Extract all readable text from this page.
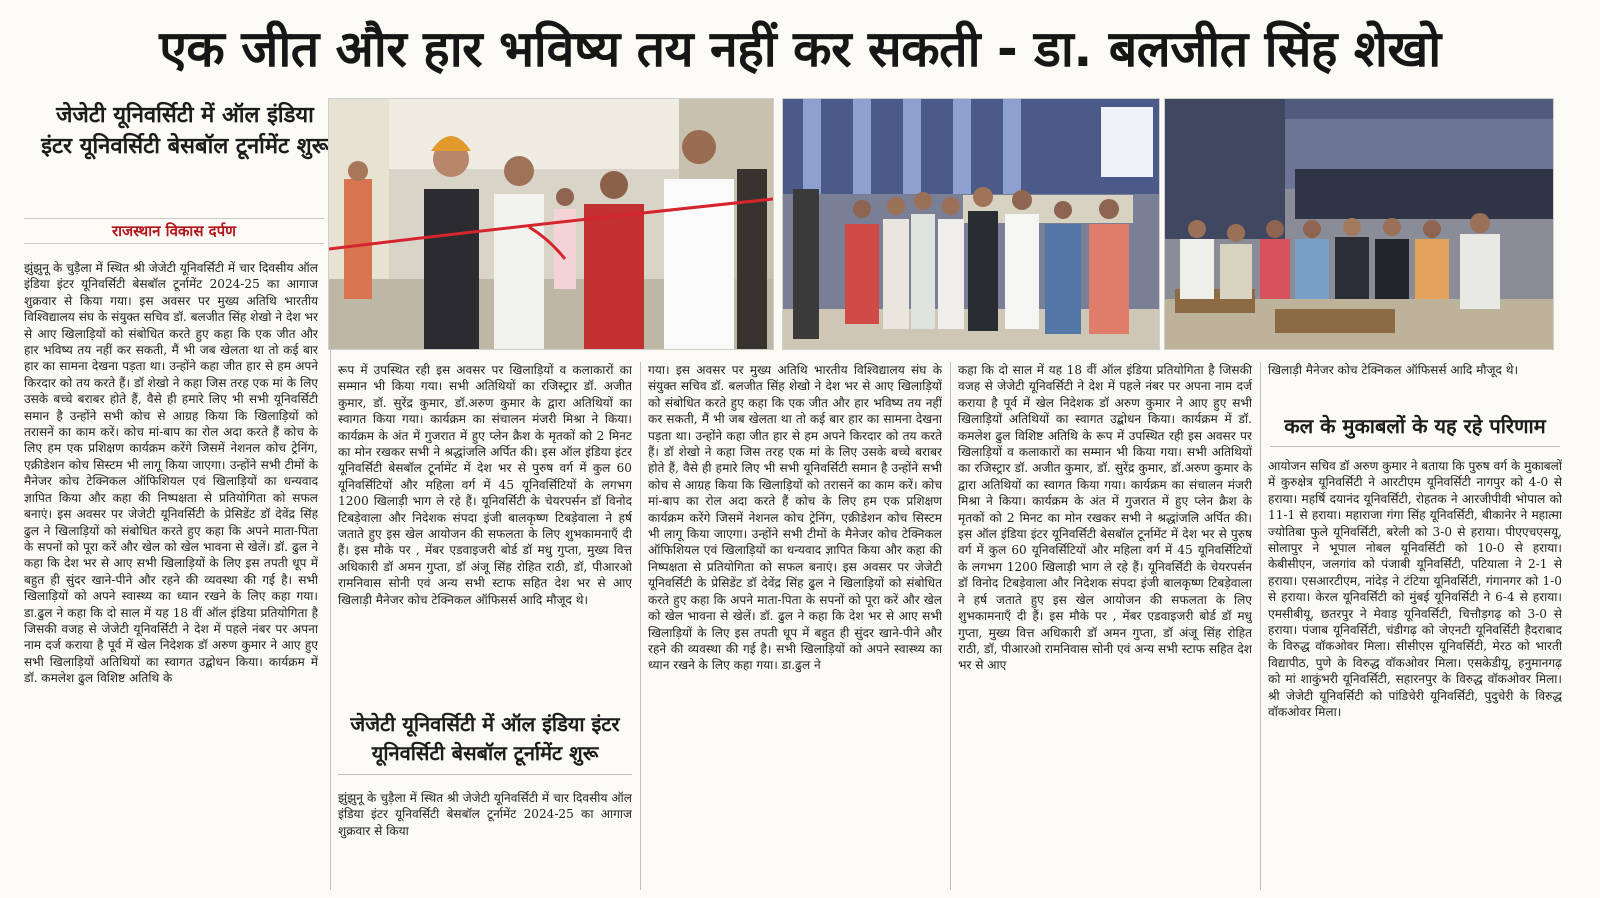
एक जीत और हार भविष्य तय नहीं कर सकती - डा. बलजीत सिंह शेखो
जेजेटी यूनिवर्सिटी में ऑल इंडिया इंटर यूनिवर्सिटी बेसबॉल टूर्नामेंट शुरू
राजस्थान विकास दर्पण

झुंझुनू के चुड़ैला में स्थित श्री जेजेटी यूनिवर्सिटी में चार दिवसीय ऑल इंडिया इंटर यूनिवर्सिटी बेसबॉल टूर्नामेंट 2024-25 का आगाज शुक्रवार से किया गया। इस अवसर पर मुख्य अतिथि भारतीय विश्विद्यालय संघ के संयुक्त सचिव डॉ. बलजीत सिंह शेखो ने देश भर से आए खिलाड़ियों को संबोधित करते हुए कहा कि एक जीत और हार भविष्य तय नहीं कर सकती, मैं भी जब खेलता था तो कई बार हार का सामना देखना पड़ता था। उन्होंने कहा जीत हार से हम अपने किरदार को तय करते हैं। डॉ शेखो ने कहा जिस तरह एक मां के लिए उसके बच्चे बराबर होते हैं, वैसे ही हमारे लिए भी सभी यूनिवर्सिटी समान है उन्होंने सभी कोच से आग्रह किया कि खिलाड़ियों को तरासनें का काम करें। कोच मां-बाप का रोल अदा करते हैं कोच के लिए हम एक प्रशिक्षण कार्यक्रम करेंगे जिसमें नेशनल कोच ट्रेनिंग, एक्रीडेशन कोच सिस्टम भी लागू किया जाएगा। उन्होंने सभी टीमों के मैनेजर कोच टेक्निकल ऑफिशियल एवं खिलाड़ियों का धन्यवाद ज्ञापित किया और कहा की निष्पक्षता से प्रतियोगिता को सफल बनाएं। इस अवसर पर जेजेटी यूनिवर्सिटी के प्रेसिडेंट डॉ देवेंद्र सिंह ढुल ने खिलाड़ियों को संबोधित करते हुए कहा कि अपने माता-पिता के सपनों को पूरा करें और खेल को खेल भावना से खेलें। डॉ. ढुल ने कहा कि देश भर से आए सभी खिलाड़ियों के लिए इस तपती धूप में बहुत ही सुंदर खाने-पीने और रहने की व्यवस्था की गई है। सभी खिलाड़ियों को अपने स्वास्थ्य का ध्यान रखने के लिए कहा गया। डा.ढुल ने कहा कि दो साल में यह 18 वीं ऑल इंडिया प्रतियोगिता है जिसकी वजह से जेजेटी यूनिवर्सिटी ने देश में पहले नंबर पर अपना नाम दर्ज कराया है पूर्व में खेल निदेशक डॉ अरुण कुमार ने आए हुए सभी खिलाड़ियों अतिथियों का स्वागत उद्बोधन किया। कार्यक्रम में डॉ. कमलेश ढुल विशिष्ट अतिथि के

रूप में उपस्थित रही इस अवसर पर खिलाड़ियों व कलाकारों का सम्मान भी किया गया। सभी अतिथियों का रजिस्ट्रार डॉ. अजीत कुमार, डॉ. सुरेंद्र कुमार, डॉ.अरुण कुमार के द्वारा अतिथियों का स्वागत किया गया। कार्यक्रम का संचालन मंजरी मिश्रा ने किया। कार्यक्रम के अंत में गुजरात में हुए प्लेन क्रैश के मृतकों को 2 मिनट का मोन रखकर सभी ने श्रद्धांजलि अर्पित की। इस ऑल इंडिया इंटर यूनिवर्सिटी बेसबॉल टूर्नामेंट में देश भर से पुरुष वर्ग में कुल 60 यूनिवर्सिटियों और महिला वर्ग में 45 यूनिवर्सिटियों के लगभग 1200 खिलाड़ी भाग ले रहे हैं। यूनिवर्सिटी के चेयरपर्सन डॉ विनोद टिबड़ेवाला और निदेशक संपदा इंजी बालकृष्ण टिबड़ेवाला ने हर्ष जताते हुए इस खेल आयोजन की सफलता के लिए शुभकामनाएँ दी हैं। इस मौके पर , मेंबर एडवाइजरी बोर्ड डॉ मधु गुप्ता, मुख्य वित्त अधिकारी डॉ अमन गुप्ता, डॉ अंजू सिंह रोहित राठी, डॉ, पीआरओ रामनिवास सोनी एवं अन्य सभी स्टाफ सहित देश भर से आए खिलाड़ी मैनेजर कोच टेक्निकल ऑफिसर्स आदि मौजूद थे।

जेजेटी यूनिवर्सिटी में ऑल इंडिया इंटर यूनिवर्सिटी बेसबॉल टूर्नामेंट शुरू

झुंझुनू के चुड़ैला में स्थित श्री जेजेटी यूनिवर्सिटी में चार दिवसीय ऑल इंडिया इंटर यूनिवर्सिटी बेसबॉल टूर्नामेंट 2024-25 का आगाज शुक्रवार से किया

गया। इस अवसर पर मुख्य अतिथि भारतीय विश्विद्यालय संघ के संयुक्त सचिव डॉ. बलजीत सिंह शेखो ने देश भर से आए खिलाड़ियों को संबोधित करते हुए कहा कि एक जीत और हार भविष्य तय नहीं कर सकती, मैं भी जब खेलता था तो कई बार हार का सामना देखना पड़ता था। उन्होंने कहा जीत हार से हम अपने किरदार को तय करते हैं। डॉ शेखो ने कहा जिस तरह एक मां के लिए उसके बच्चे बराबर होते हैं, वैसे ही हमारे लिए भी सभी यूनिवर्सिटी समान है उन्होंने सभी कोच से आग्रह किया कि खिलाड़ियों को तरासनें का काम करें। कोच मां-बाप का रोल अदा करते हैं कोच के लिए हम एक प्रशिक्षण कार्यक्रम करेंगे जिसमें नेशनल कोच ट्रेनिंग, एक्रीडेशन कोच सिस्टम भी लागू किया जाएगा। उन्होंने सभी टीमों के मैनेजर कोच टेक्निकल ऑफिशियल एवं खिलाड़ियों का धन्यवाद ज्ञापित किया और कहा की निष्पक्षता से प्रतियोगिता को सफल बनाएं। इस अवसर पर जेजेटी यूनिवर्सिटी के प्रेसिडेंट डॉ देवेंद्र सिंह ढुल ने खिलाड़ियों को संबोधित करते हुए कहा कि अपने माता-पिता के सपनों को पूरा करें और खेल को खेल भावना से खेलें। डॉ. ढुल ने कहा कि देश भर से आए सभी खिलाड़ियों के लिए इस तपती धूप में बहुत ही सुंदर खाने-पीने और रहने की व्यवस्था की गई है। सभी खिलाड़ियों को अपने स्वास्थ्य का ध्यान रखने के लिए कहा गया। डा.ढुल ने

कहा कि दो साल में यह 18 वीं ऑल इंडिया प्रतियोगिता है जिसकी वजह से जेजेटी यूनिवर्सिटी ने देश में पहले नंबर पर अपना नाम दर्ज कराया है पूर्व में खेल निदेशक डॉ अरुण कुमार ने आए हुए सभी खिलाड़ियों अतिथियों का स्वागत उद्बोधन किया। कार्यक्रम में डॉ. कमलेश ढुल विशिष्ट अतिथि के रूप में उपस्थित रही इस अवसर पर खिलाड़ियों व कलाकारों का सम्मान भी किया गया। सभी अतिथियों का रजिस्ट्रार डॉ. अजीत कुमार, डॉ. सुरेंद्र कुमार, डॉ.अरुण कुमार के द्वारा अतिथियों का स्वागत किया गया। कार्यक्रम का संचालन मंजरी मिश्रा ने किया। कार्यक्रम के अंत में गुजरात में हुए प्लेन क्रैश के मृतकों को 2 मिनट का मोन रखकर सभी ने श्रद्धांजलि अर्पित की। इस ऑल इंडिया इंटर यूनिवर्सिटी बेसबॉल टूर्नामेंट में देश भर से पुरुष वर्ग में कुल 60 यूनिवर्सिटियों और महिला वर्ग में 45 यूनिवर्सिटियों के लगभग 1200 खिलाड़ी भाग ले रहे हैं। यूनिवर्सिटी के चेयरपर्सन डॉ विनोद टिबड़ेवाला और निदेशक संपदा इंजी बालकृष्ण टिबड़ेवाला ने हर्ष जताते हुए इस खेल आयोजन की सफलता के लिए शुभकामनाएँ दी हैं। इस मौके पर , मेंबर एडवाइजरी बोर्ड डॉ मधु गुप्ता, मुख्य वित्त अधिकारी डॉ अमन गुप्ता, डॉ अंजू सिंह रोहित राठी, डॉ, पीआरओ रामनिवास सोनी एवं अन्य सभी स्टाफ सहित देश भर से आए

खिलाड़ी मैनेजर कोच टेक्निकल ऑफिसर्स आदि मौजूद थे।

कल के मुकाबलों के यह रहे परिणाम

आयोजन सचिव डॉ अरुण कुमार ने बताया कि पुरुष वर्ग के मुकाबलों में कुरुक्षेत्र यूनिवर्सिटी ने आरटीएम यूनिवर्सिटी नागपुर को 4-0 से हराया। महर्षि दयानंद यूनिवर्सिटी, रोहतक ने आरजीपीवी भोपाल को 11-1 से हराया। महाराजा गंगा सिंह यूनिवर्सिटी, बीकानेर ने महात्मा ज्योतिबा फुले यूनिवर्सिटी, बरेली को 3-0 से हराया। पीएएचएसयू, सोलापुर ने भूपाल नोबल यूनिवर्सिटी को 10-0 से हराया। केबीसीएन, जलगांव को पंजाबी यूनिवर्सिटी, पटियाला ने 2-1 से हराया। एसआरटीएम, नांदेड़ ने टंटिया यूनिवर्सिटी, गंगानगर को 1-0 से हराया। केरल यूनिवर्सिटी को मुंबई यूनिवर्सिटी ने 6-4 से हराया। एमसीबीयू, छतरपुर ने मेवाड़ यूनिवर्सिटी, चित्तौड़गढ़ को 3-0 से हराया। पंजाब यूनिवर्सिटी, चंडीगढ़ को जेएनटी यूनिवर्सिटी हैदराबाद के विरुद्ध वॉकओवर मिला। सीसीएस यूनिवर्सिटी, मेरठ को भारती विद्यापीठ, पुणे के विरुद्ध वॉकओवर मिला। एसकेडीयू, हनुमानगढ़ को मां शाकुंभरी यूनिवर्सिटी, सहारनपुर के विरुद्ध वॉकओवर मिला। श्री जेजेटी यूनिवर्सिटी को पांडिचेरी यूनिवर्सिटी, पुदुचेरी के विरुद्ध वॉकओवर मिला।
